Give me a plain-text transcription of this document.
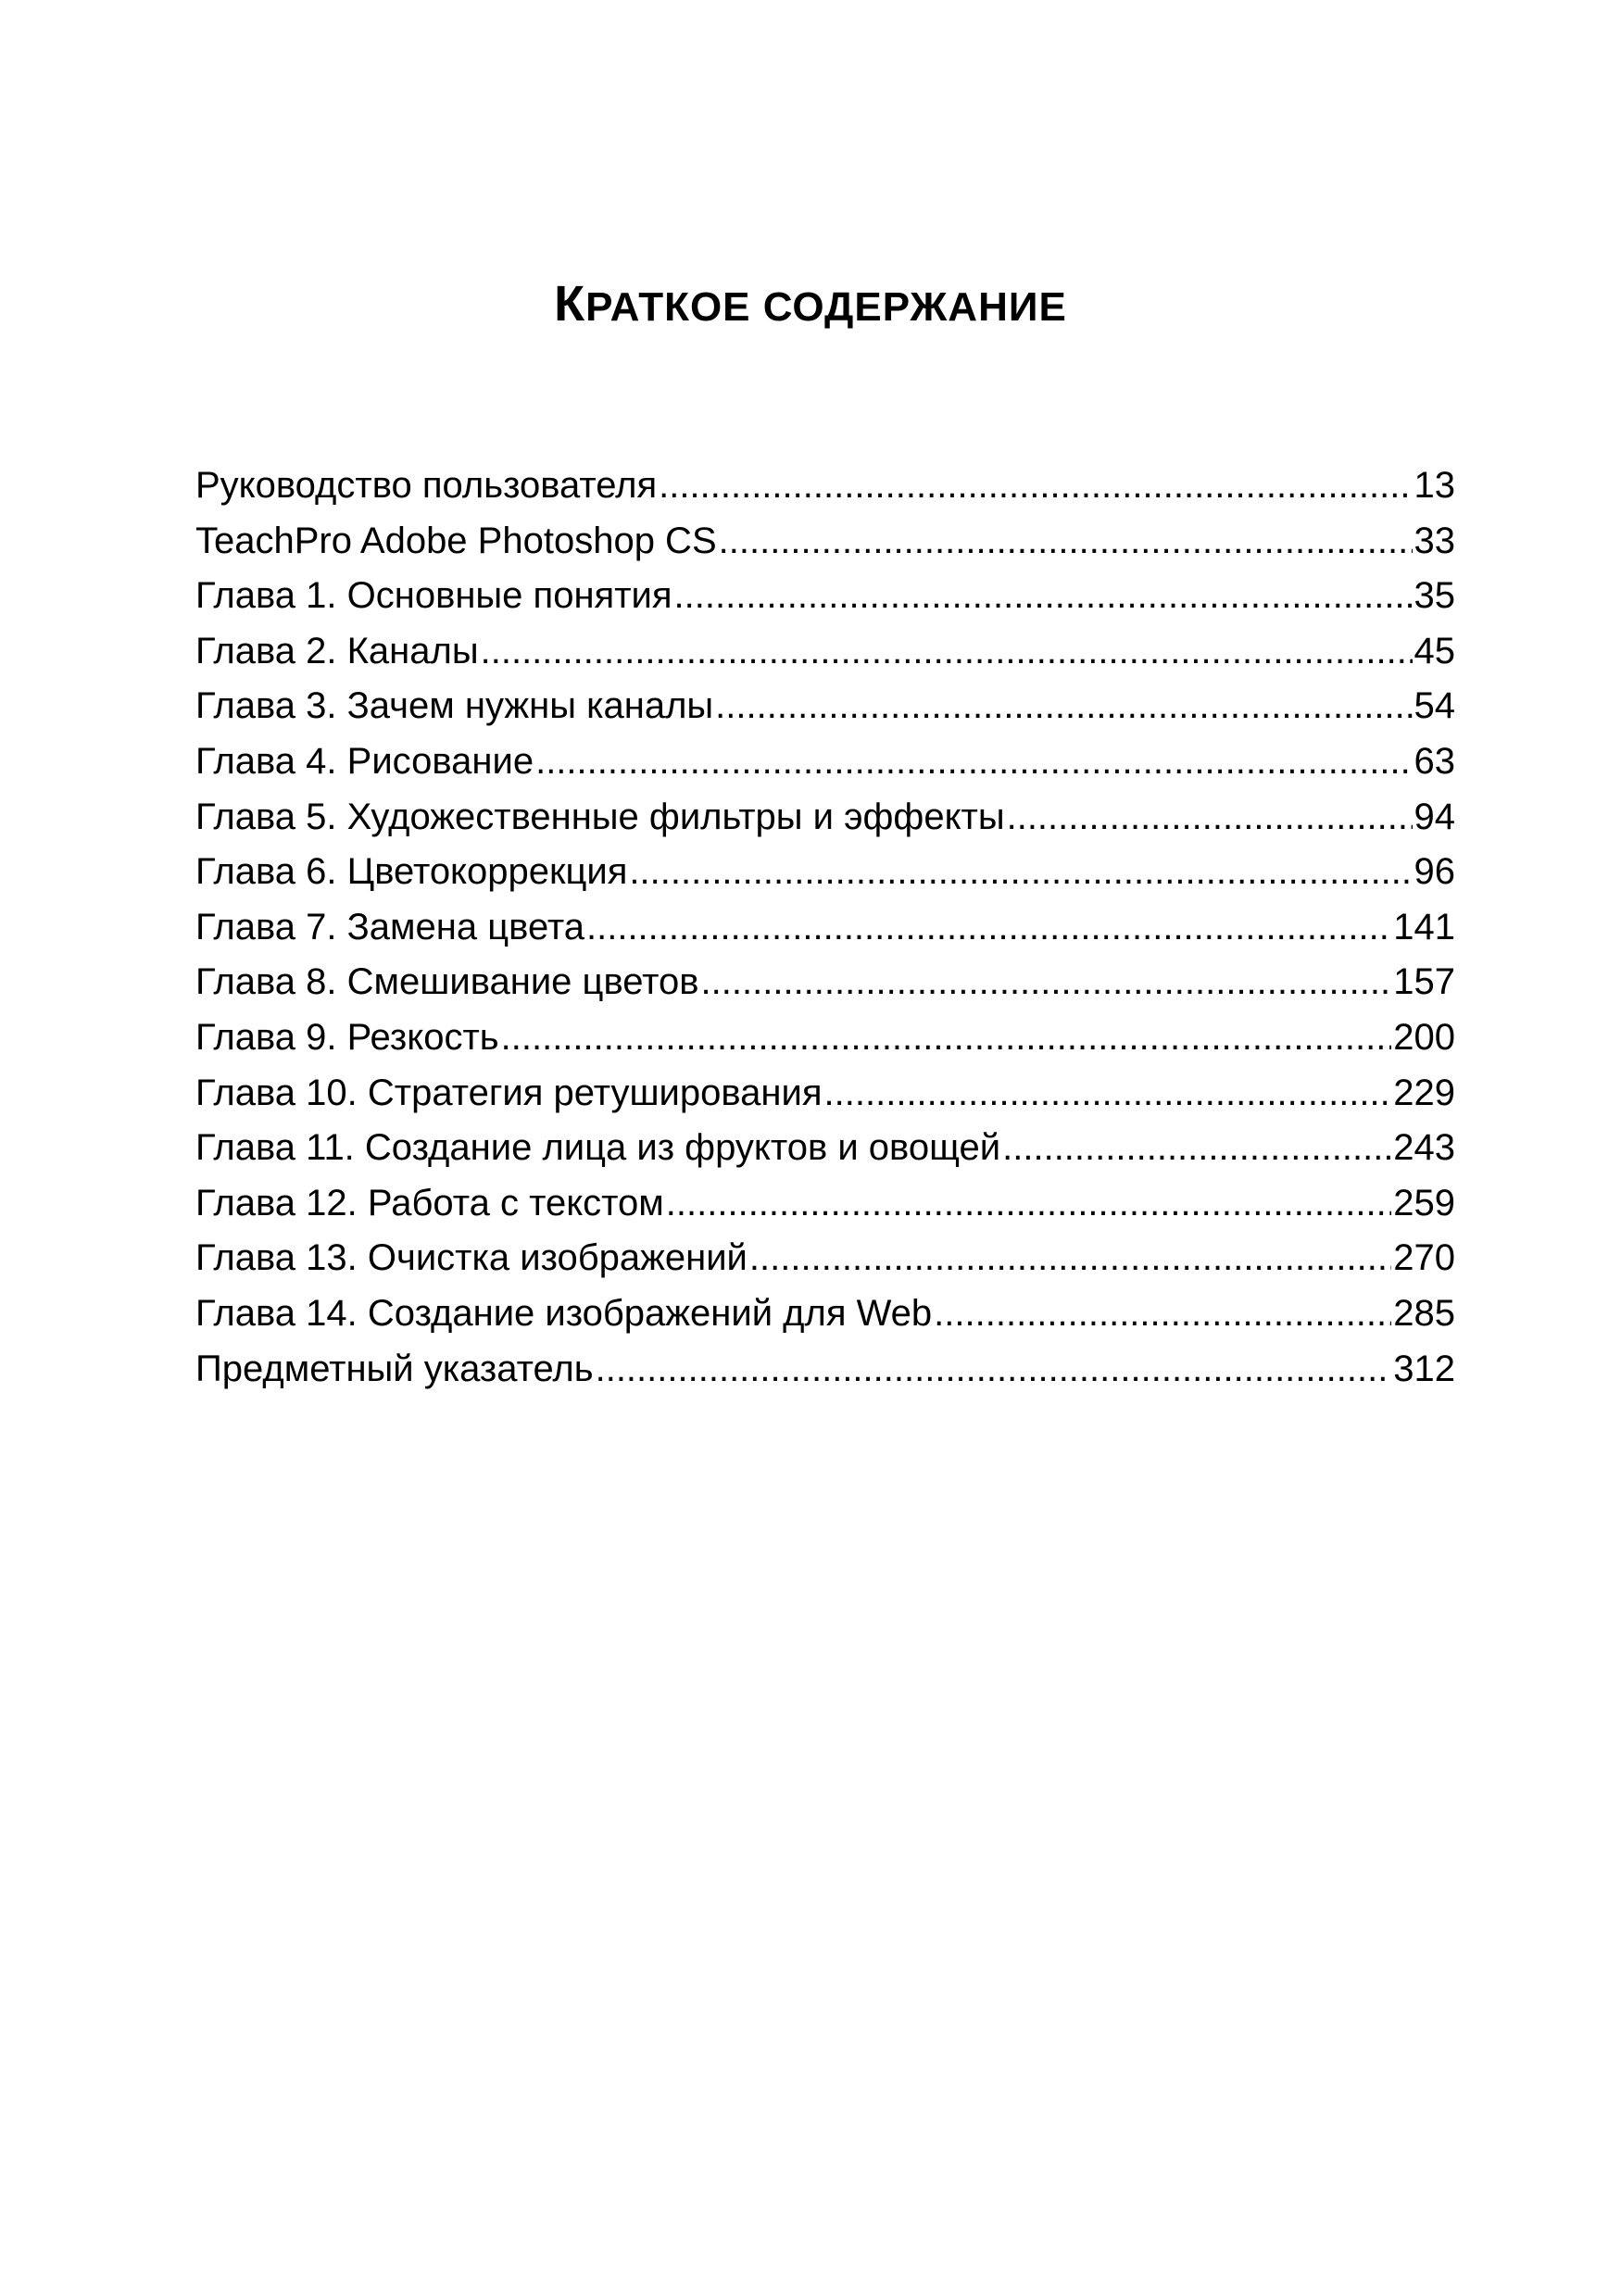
КРАТКОЕ СОДЕРЖАНИЕ
Руководство пользователя .....	13
TeachPro Adobe Photoshop CS .....	33
Глава 1. Основные понятия .....	35
Глава 2. Каналы .....	45
Глава 3. Зачем нужны каналы .....	54
Глава 4. Рисование .....	63
Глава 5. Художественные фильтры и эффекты .....	94
Глава 6. Цветокоррекция .....	96
Глава 7. Замена цвета .....	141
Глава 8. Смешивание цветов .....	157
Глава 9. Резкость .....	200
Глава 10. Стратегия ретуширования .....	229
Глава 11. Создание лица из фруктов и овощей .....	243
Глава 12. Работа с текстом .....	259
Глава 13. Очистка изображений .....	270
Глава 14. Создание изображений для Web .....	285
Предметный указатель .....	312
